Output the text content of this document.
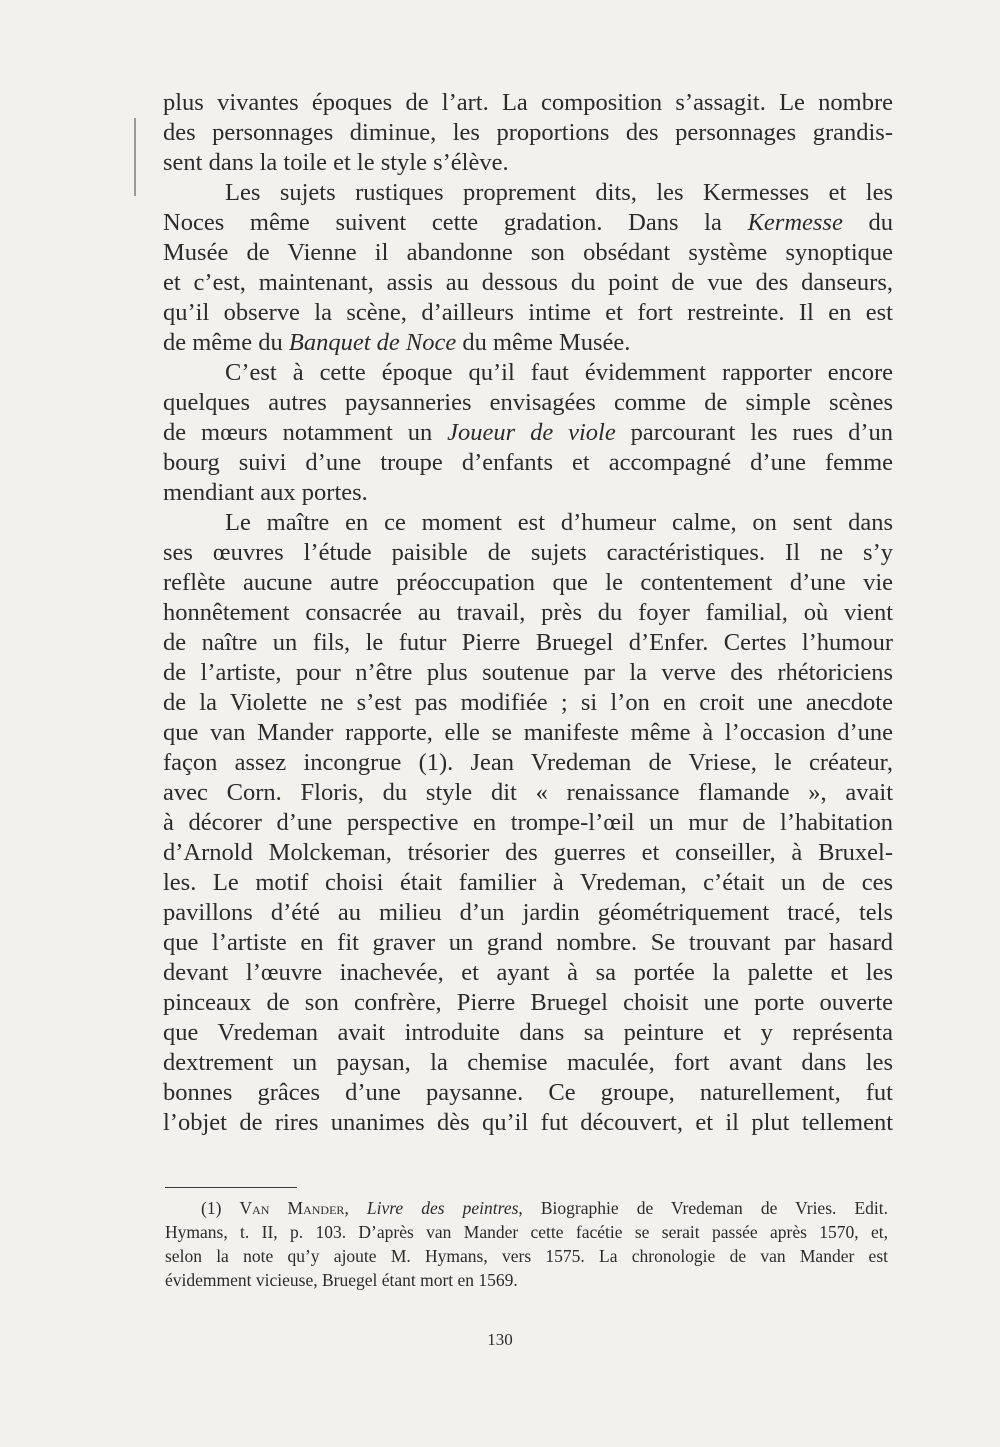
plus vivantes époques de l’art. La composition s’assagit. Le nombre
des personnages diminue, les proportions des personnages grandis-
sent dans la toile et le style s’élève.
Les sujets rustiques proprement dits, les Kermesses et les
Noces même suivent cette gradation. Dans la Kermesse du
Musée de Vienne il abandonne son obsédant système synoptique
et c’est, maintenant, assis au dessous du point de vue des danseurs,
qu’il observe la scène, d’ailleurs intime et fort restreinte. Il en est
de même du Banquet de Noce du même Musée.
C’est à cette époque qu’il faut évidemment rapporter encore
quelques autres paysanneries envisagées comme de simple scènes
de mœurs notamment un Joueur de viole parcourant les rues d’un
bourg suivi d’une troupe d’enfants et accompagné d’une femme
mendiant aux portes.
Le maître en ce moment est d’humeur calme, on sent dans
ses œuvres l’étude paisible de sujets caractéristiques. Il ne s’y
reflète aucune autre préoccupation que le contentement d’une vie
honnêtement consacrée au travail, près du foyer familial, où vient
de naître un fils, le futur Pierre Bruegel d’Enfer. Certes l’humour
de l’artiste, pour n’être plus soutenue par la verve des rhétoriciens
de la Violette ne s’est pas modifiée ; si l’on en croit une anecdote
que van Mander rapporte, elle se manifeste même à l’occasion d’une
façon assez incongrue (1). Jean Vredeman de Vriese, le créateur,
avec Corn. Floris, du style dit « renaissance flamande », avait
à décorer d’une perspective en trompe-l’œil un mur de l’habitation
d’Arnold Molckeman, trésorier des guerres et conseiller, à Bruxel-
les. Le motif choisi était familier à Vredeman, c’était un de ces
pavillons d’été au milieu d’un jardin géométriquement tracé, tels
que l’artiste en fit graver un grand nombre. Se trouvant par hasard
devant l’œuvre inachevée, et ayant à sa portée la palette et les
pinceaux de son confrère, Pierre Bruegel choisit une porte ouverte
que Vredeman avait introduite dans sa peinture et y représenta
dextrement un paysan, la chemise maculée, fort avant dans les
bonnes grâces d’une paysanne. Ce groupe, naturellement, fut
l’objet de rires unanimes dès qu’il fut découvert, et il plut tellement
(1) Van Mander, Livre des peintres, Biographie de Vredeman de Vries. Edit.
Hymans, t. II, p. 103. D’après van Mander cette facétie se serait passée après 1570, et,
selon la note qu’y ajoute M. Hymans, vers 1575. La chronologie de van Mander est
évidemment vicieuse, Bruegel étant mort en 1569.
130
